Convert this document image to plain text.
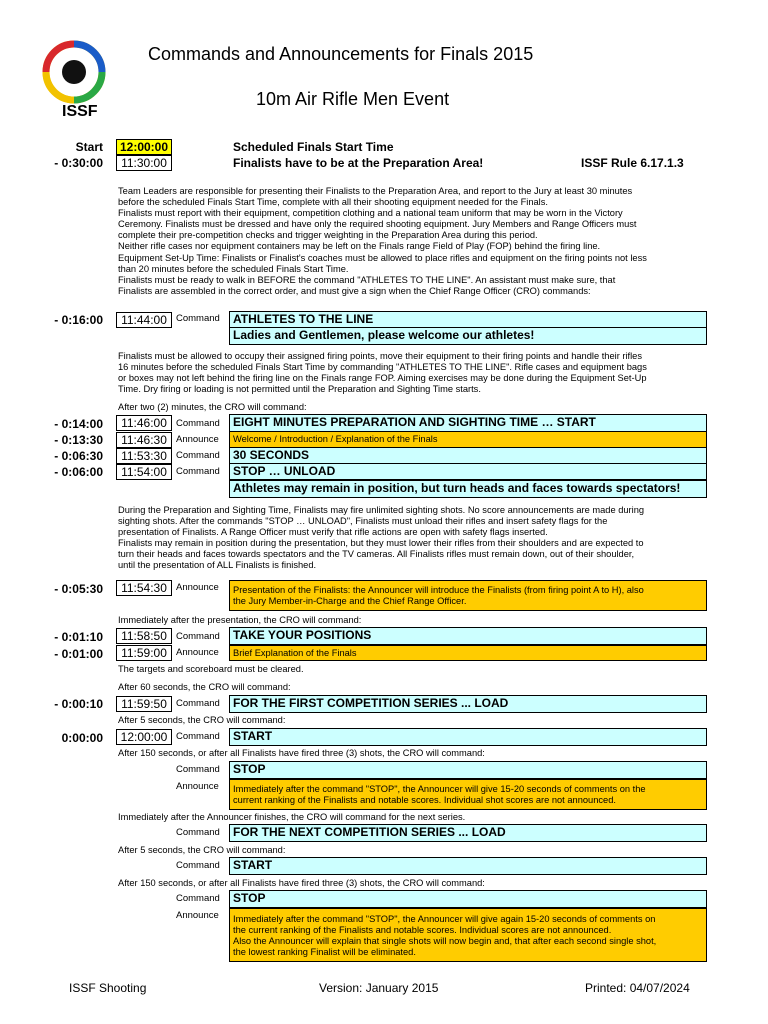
ISSF
Commands and Announcements for Finals 2015
10m Air Rifle Men Event
Start	12:00:00	Scheduled Finals Start Time
- 0:30:00	11:30:00	Finalists have to be at the Preparation Area!	ISSF Rule 6.17.1.3
Team Leaders are responsible for presenting their Finalists to the Preparation Area, and report to the Jury at least 30 minutes
before the scheduled Finals Start Time, complete with all their shooting equipment needed for the Finals.
Finalists must report with their equipment, competition clothing and a national team uniform that may be worn in the Victory
Ceremony. Finalists must be dressed and have only the required shooting equipment. Jury Members and Range Officers must
complete their pre-competition checks and trigger weighting in the Preparation Area during this period.
Neither rifle cases nor equipment containers may be left on the Finals range Field of Play (FOP) behind the firing line.
Equipment Set-Up Time: Finalists or Finalist's coaches must be allowed to place rifles and equipment on the firing points not less
than 20 minutes before the scheduled Finals Start Time.
Finalists must be ready to walk in BEFORE the command "ATHLETES TO THE LINE". An assistant must make sure, that
Finalists are assembled in the correct order, and must give a sign when the Chief Range Officer (CRO) commands:
- 0:16:00	11:44:00 Command	ATHLETES TO THE LINE
Ladies and Gentlemen, please welcome our athletes!
Finalists must be allowed to occupy their assigned firing points, move their equipment to their firing points and handle their rifles
16 minutes before the scheduled Finals Start Time by commanding "ATHLETES TO THE LINE". Rifle cases and equipment bags
or boxes may not left behind the firing line on the Finals range FOP. Aiming exercises may be done during the Equipment Set-Up
Time. Dry firing or loading is not permitted until the Preparation and Sighting Time starts.
After two (2) minutes, the CRO will command:
- 0:14:00	11:46:00 Command	EIGHT MINUTES PREPARATION AND SIGHTING TIME … START
- 0:13:30	11:46:30 Announce	Welcome / Introduction / Explanation of the Finals
- 0:06:30	11:53:30 Command	30 SECONDS
- 0:06:00	11:54:00 Command	STOP … UNLOAD
Athletes may remain in position, but turn heads and faces towards spectators!
During the Preparation and Sighting Time, Finalists may fire unlimited sighting shots. No score announcements are made during
sighting shots. After the commands "STOP … UNLOAD", Finalists must unload their rifles and insert safety flags for the
presentation of Finalists. A Range Officer must verify that rifle actions are open with safety flags inserted.
Finalists may remain in position during the presentation, but they must lower their rifles from their shoulders and are expected to
turn their heads and faces towards spectators and the TV cameras. All Finalists rifles must remain down, out of their shoulder,
until the presentation of ALL Finalists is finished.
- 0:05:30	11:54:30 Announce Presentation of the Finalists: the Announcer will introduce the Finalists (from firing point A to H), also
the Jury Member-in-Charge and the Chief Range Officer.
Immediately after the presentation, the CRO will command:
- 0:01:10	11:58:50 Command	TAKE YOUR POSITIONS
- 0:01:00	11:59:00 Announce	Brief Explanation of the Finals
The targets and scoreboard must be cleared.
After 60 seconds, the CRO will command:
- 0:00:10	11:59:50 Command	FOR THE FIRST COMPETITION SERIES ... LOAD
After 5 seconds, the CRO will command:
0:00:00	12:00:00 Command	START
After 150 seconds, or after all Finalists have fired three (3) shots, the CRO will command:
Command	STOP
Announce Immediately after the command "STOP", the Announcer will give 15-20 seconds of comments on the
current ranking of the Finalists and notable scores. Individual shot scores are not announced.
Immediately after the Announcer finishes, the CRO will command for the next series.
Command	FOR THE NEXT COMPETITION SERIES ... LOAD
After 5 seconds, the CRO will command:
Command	START
After 150 seconds, or after all Finalists have fired three (3) shots, the CRO will command:
Command	STOP
Announce Immediately after the command "STOP", the Announcer will give again 15-20 seconds of comments on
the current ranking of the Finalists and notable scores. Individual scores are not announced.
Also the Announcer will explain that single shots will now begin and, that after each second single shot,
the lowest ranking Finalist will be eliminated.
ISSF Shooting	Version: January 2015	Printed: 04/07/2024
